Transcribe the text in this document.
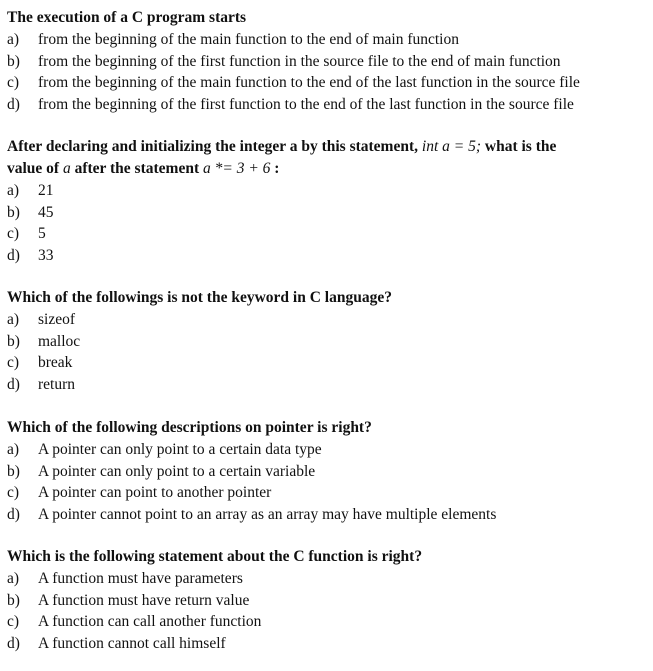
The execution of a C program starts
a) from the beginning of the main function to the end of main function
b) from the beginning of the first function in the source file to the end of main function
c) from the beginning of the main function to the end of the last function in the source file
d) from the beginning of the first function to the end of the last function in the source file
After declaring and initializing the integer a by this statement, int a = 5; what is the
value of a after the statement a *= 3 + 6 :
a) 21
b) 45
c) 5
d) 33
Which of the followings is not the keyword in C language?
a) sizeof
b) malloc
c) break
d) return
Which of the following descriptions on pointer is right?
a) A pointer can only point to a certain data type
b) A pointer can only point to a certain variable
c) A pointer can point to another pointer
d) A pointer cannot point to an array as an array may have multiple elements
Which is the following statement about the C function is right?
a) A function must have parameters
b) A function must have return value
c) A function can call another function
d) A function cannot call himself
